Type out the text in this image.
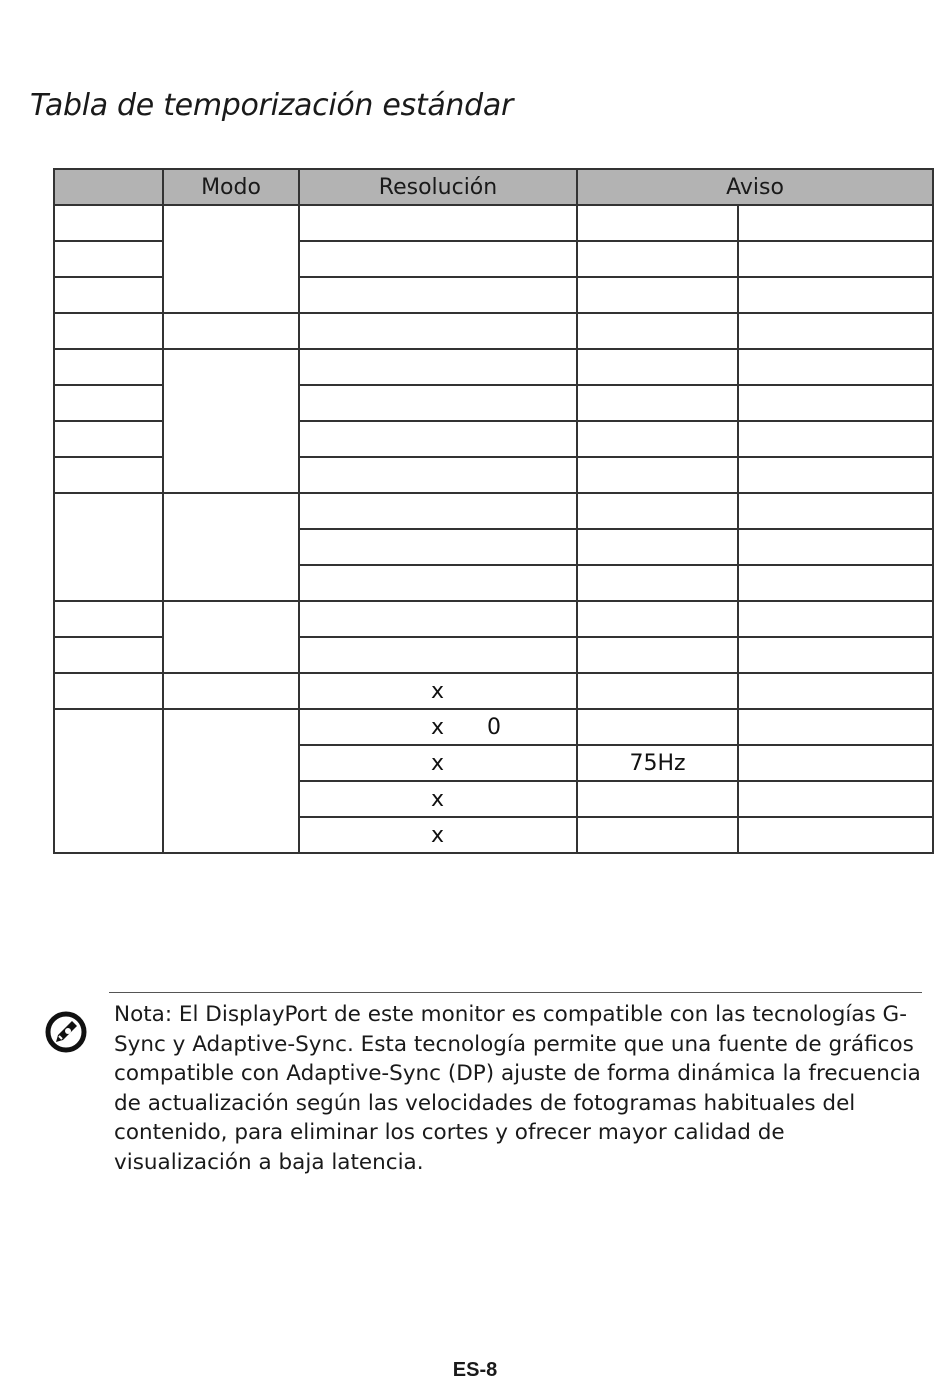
Tabla de temporización estándar
	Modo	Resolución	Aviso	

		x		
		x 0		
		x	75Hz	
		x		
		x		
Nota: El DisplayPort de este monitor es compatible con las tecnologías G-Sync y Adaptive-Sync. Esta tecnología permite que una fuente de gráficos compatible con Adaptive-Sync (DP) ajuste de forma dinámica la frecuencia de actualización según las velocidades de fotogramas habituales del contenido, para eliminar los cortes y ofrecer mayor calidad de visualización a baja latencia.
ES-8
